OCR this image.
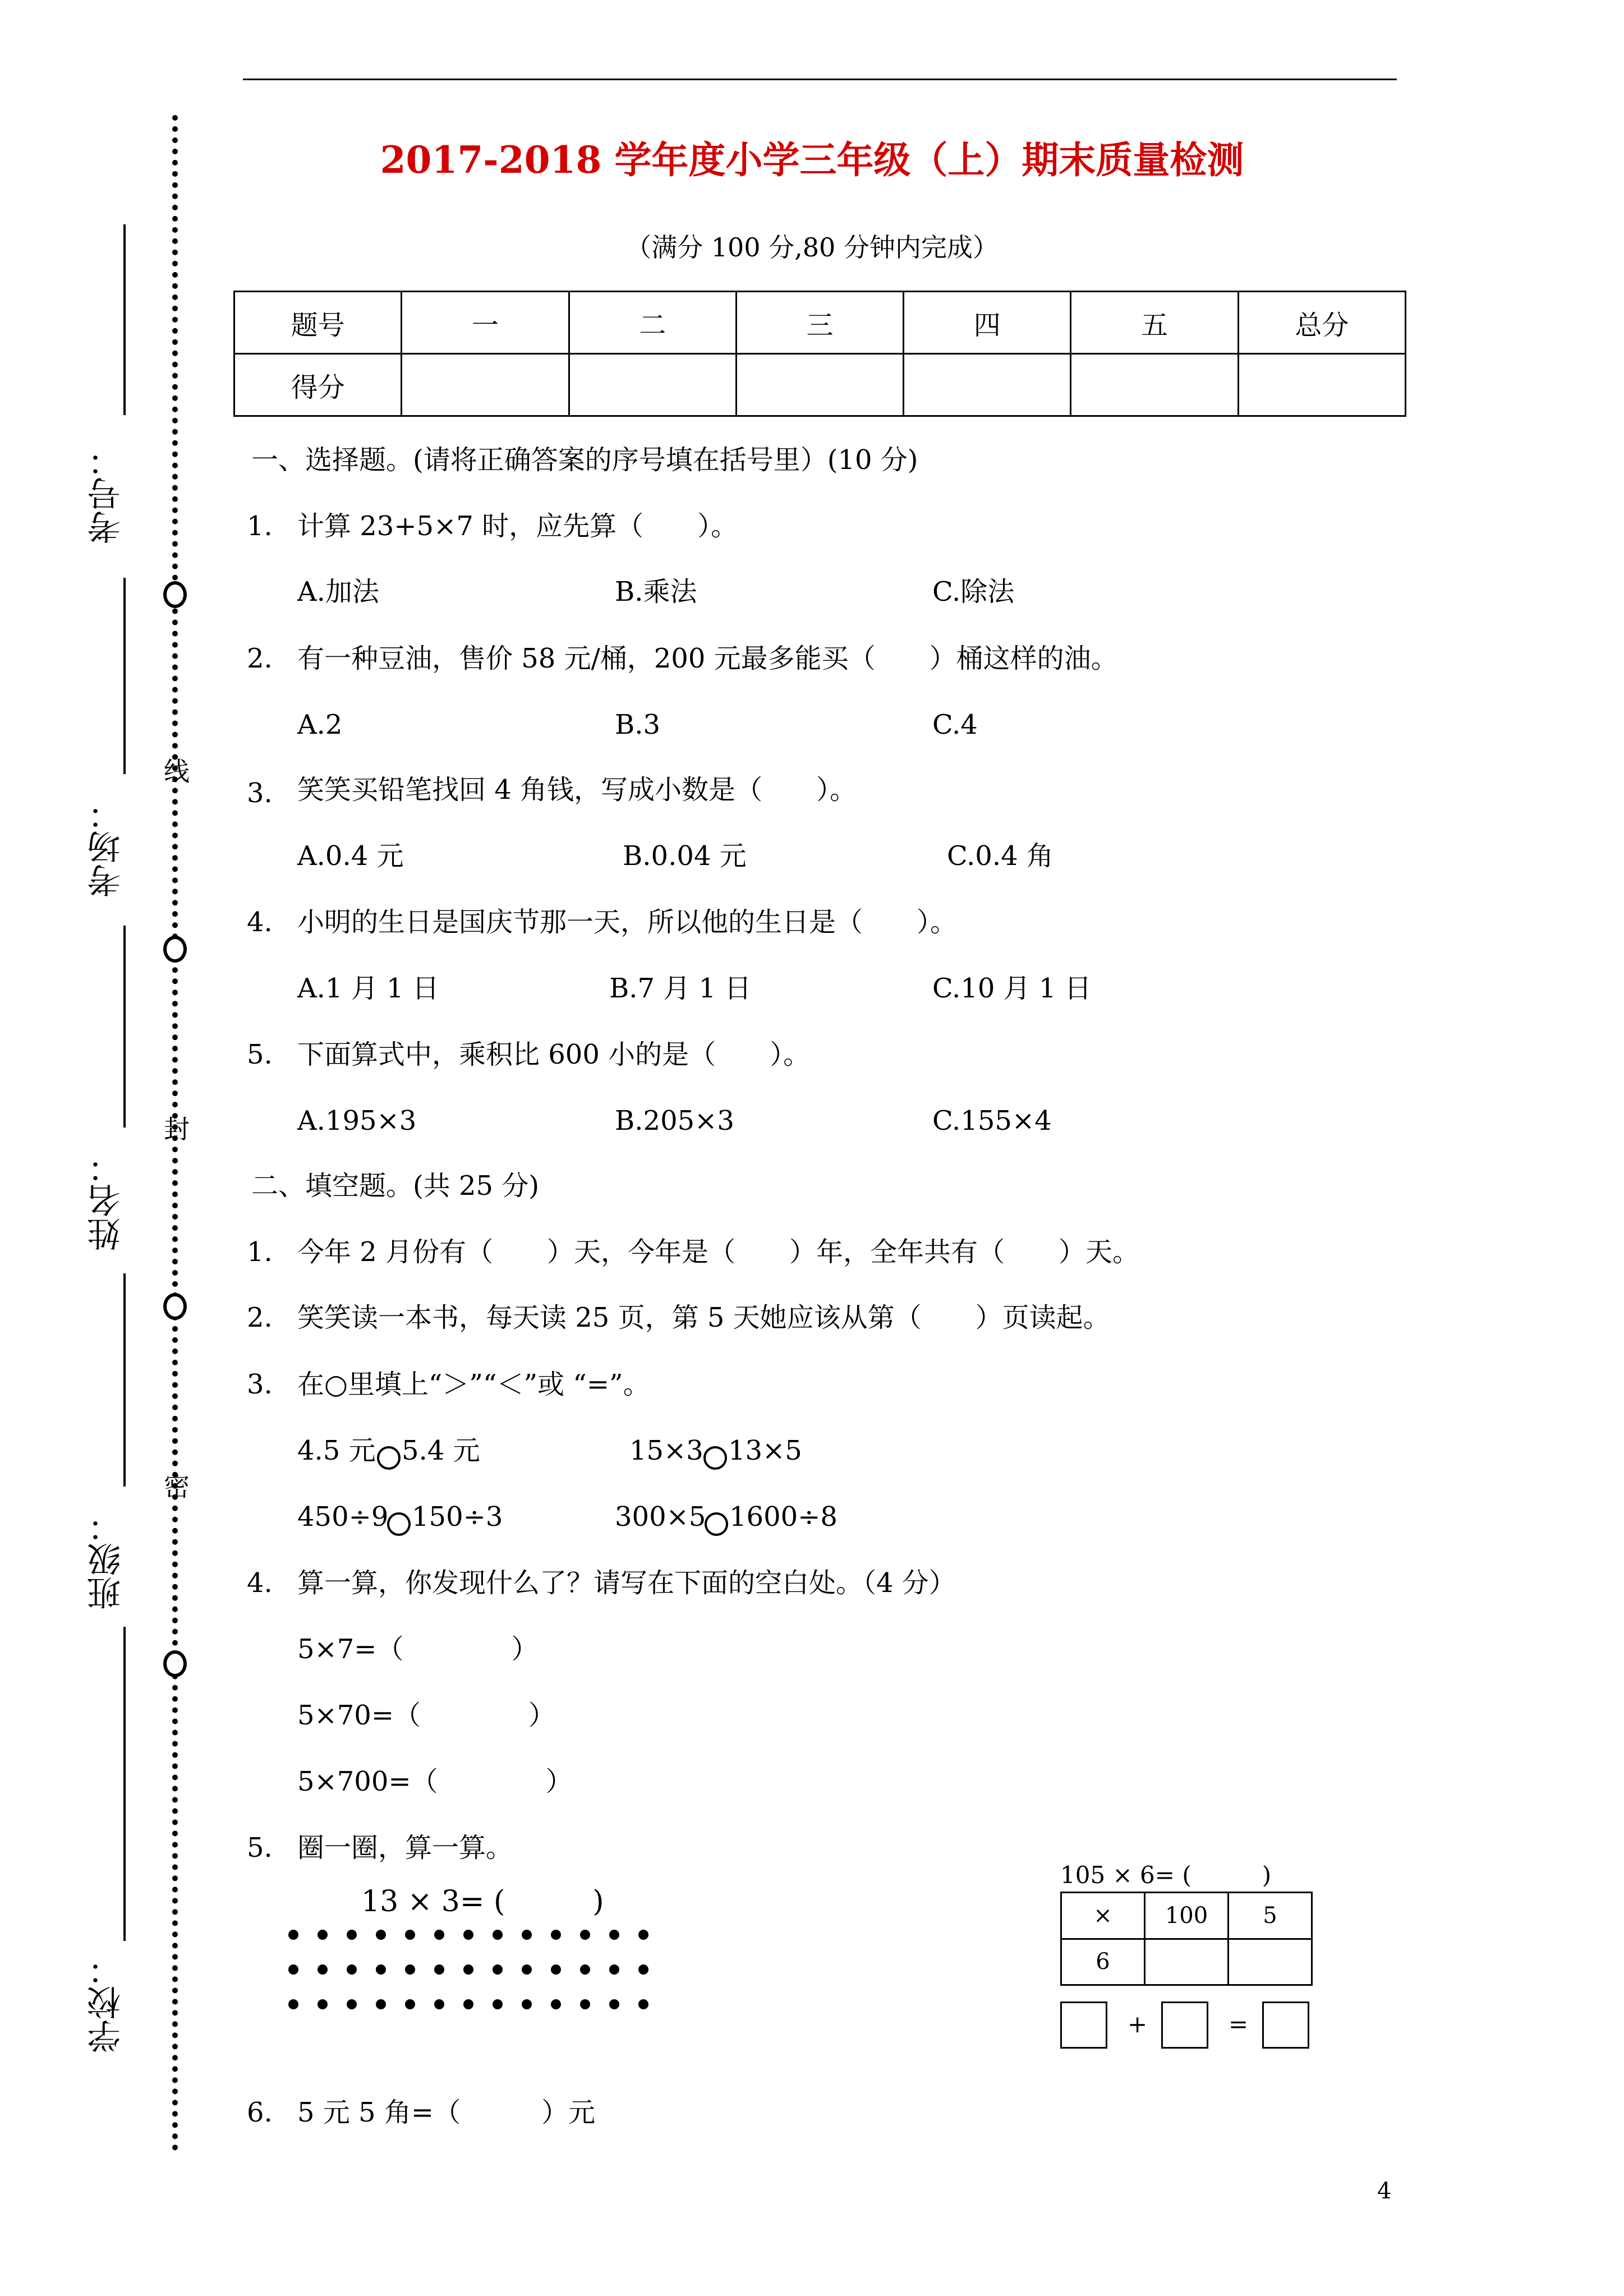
2017-2018 学年度小学三年级（上）期末质量检测
（满分 100 分,80 分钟内完成）
题号	一	二	三	四	五	总分
得分						
线
封
密
考号：
考场：
姓名：
班级：
学校：
一、选择题。(请将正确答案的序号填在括号里）(10 分)
1. 计算 23+5×7 时，应先算（　　）。
A.加法	B.乘法	C.除法
2. 有一种豆油，售价 58 元/桶，200 元最多能买（　　）桶这样的油。
A.2	B.3	C.4
3. 笑笑买铅笔找回 4 角钱，写成小数是（　　）。
A.0.4 元	B.0.04 元	C.0.4 角
4. 小明的生日是国庆节那一天，所以他的生日是（　　）。
A.1 月 1 日	B.7 月 1 日	C.10 月 1 日
5. 下面算式中，乘积比 600 小的是（　　）。
A.195×3	B.205×3	C.155×4
二、填空题。(共 25 分)
1. 今年 2 月份有（　　）天，今年是（　　）年，全年共有（　　）天。
2. 笑笑读一本书，每天读 25 页，第 5 天她应该从第（　　）页读起。
3. 在○里填上“＞”“＜”或 “=”。
4.5 元 5.4 元	15×3 13×5
450÷9 150÷3	300×5 1600÷8
4. 算一算，你发现什么了？请写在下面的空白处。（4 分）
5×7=（　　　　）
5×70=（　　　　）
5×700=（　　　　）
5. 圈一圈，算一算。
13 × 3= (　　　)
105 × 6= (　　　)
×	100	5
6		
+	=
6. 5 元 5 角=（　　　）元
4
